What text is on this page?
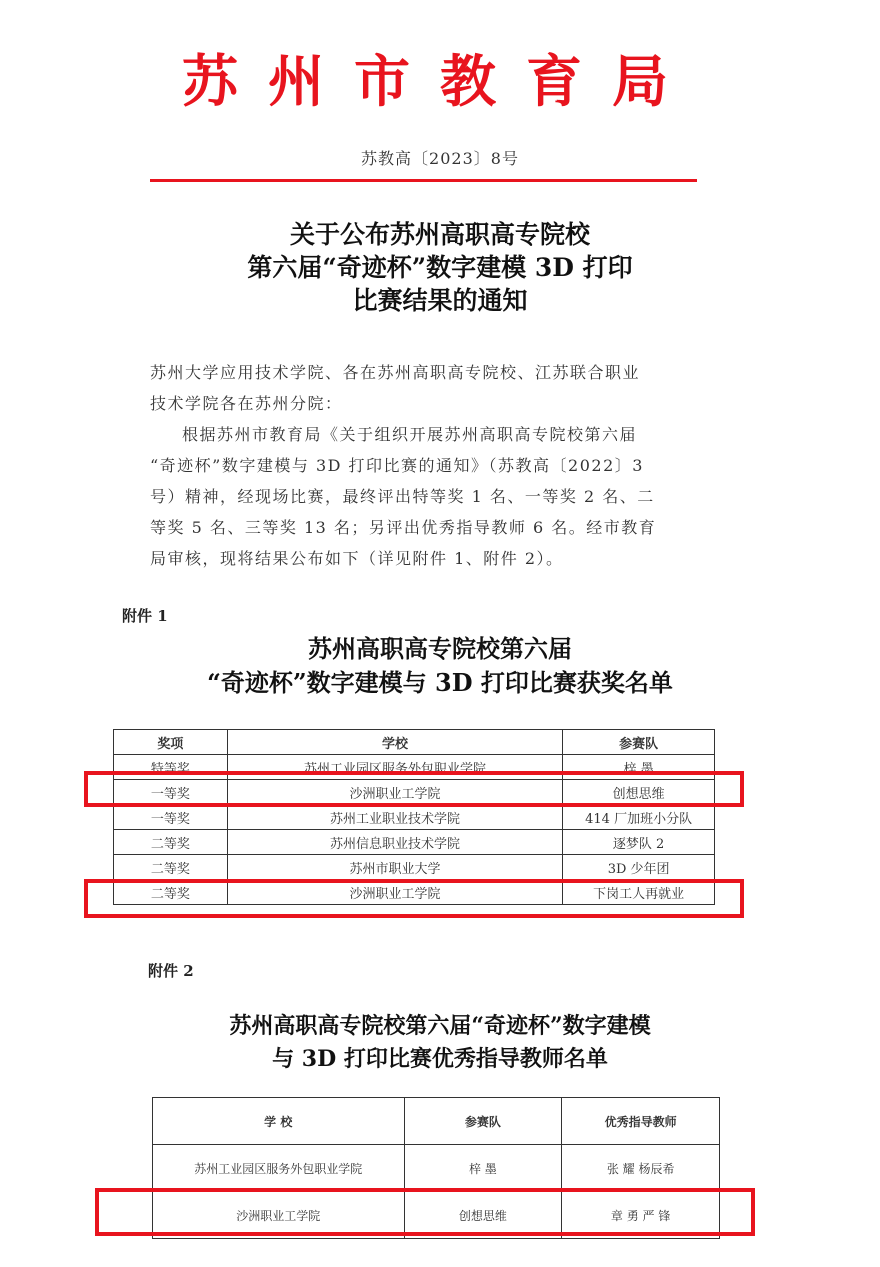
苏州市教育局
苏教高〔2023〕8号
关于公布苏州高职高专院校
第六届“奇迹杯”数字建模 3D 打印
比赛结果的通知
苏州大学应用技术学院、各在苏州高职高专院校、江苏联合职业
技术学院各在苏州分院：
根据苏州市教育局《关于组织开展苏州高职高专院校第六届
“奇迹杯”数字建模与 3D 打印比赛的通知》（苏教高〔2022〕3
号）精神，经现场比赛，最终评出特等奖 1 名、一等奖 2 名、二
等奖 5 名、三等奖 13 名；另评出优秀指导教师 6 名。经市教育
局审核，现将结果公布如下（详见附件 1、附件 2）。
附件 1
苏州高职高专院校第六届
“奇迹杯”数字建模与 3D 打印比赛获奖名单
奖项	学校	参赛队
特等奖	苏州工业园区服务外包职业学院	梓 墨
一等奖	沙洲职业工学院	创想思维
一等奖	苏州工业职业技术学院	414 厂加班小分队
二等奖	苏州信息职业技术学院	逐梦队 2
二等奖	苏州市职业大学	3D 少年团
二等奖	沙洲职业工学院	下岗工人再就业
附件 2
苏州高职高专院校第六届“奇迹杯”数字建模
与 3D 打印比赛优秀指导教师名单
学 校	参赛队	优秀指导教师
苏州工业园区服务外包职业学院	梓 墨	张 耀 杨辰希
沙洲职业工学院	创想思维	章 勇 严 锋
